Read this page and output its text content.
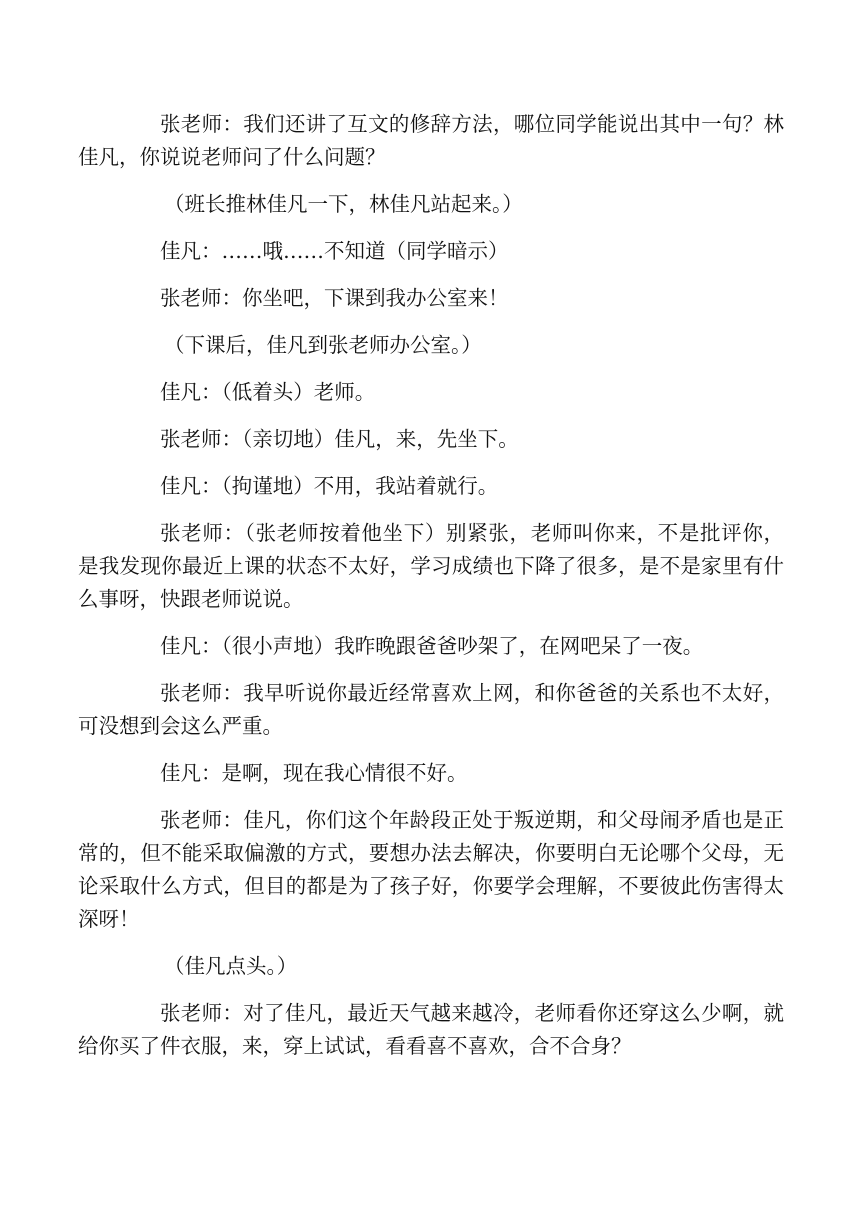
张老师：我们还讲了互文的修辞方法，哪位同学能说出其中一句？林佳凡，你说说老师问了什么问题？

（班长推林佳凡一下，林佳凡站起来。）

佳凡：……哦……不知道（同学暗示）

张老师：你坐吧，下课到我办公室来！

（下课后，佳凡到张老师办公室。）

佳凡：（低着头）老师。

张老师：（亲切地）佳凡，来，先坐下。

佳凡：（拘谨地）不用，我站着就行。

张老师：（张老师按着他坐下）别紧张，老师叫你来，不是批评你，是我发现你最近上课的状态不太好，学习成绩也下降了很多，是不是家里有什么事呀，快跟老师说说。

佳凡：（很小声地）我昨晚跟爸爸吵架了，在网吧呆了一夜。

张老师：我早听说你最近经常喜欢上网，和你爸爸的关系也不太好，可没想到会这么严重。

佳凡：是啊，现在我心情很不好。

张老师：佳凡，你们这个年龄段正处于叛逆期，和父母闹矛盾也是正常的，但不能采取偏激的方式，要想办法去解决，你要明白无论哪个父母，无论采取什么方式，但目的都是为了孩子好，你要学会理解，不要彼此伤害得太深呀！

（佳凡点头。）

张老师：对了佳凡，最近天气越来越冷，老师看你还穿这么少啊，就给你买了件衣服，来，穿上试试，看看喜不喜欢，合不合身？
